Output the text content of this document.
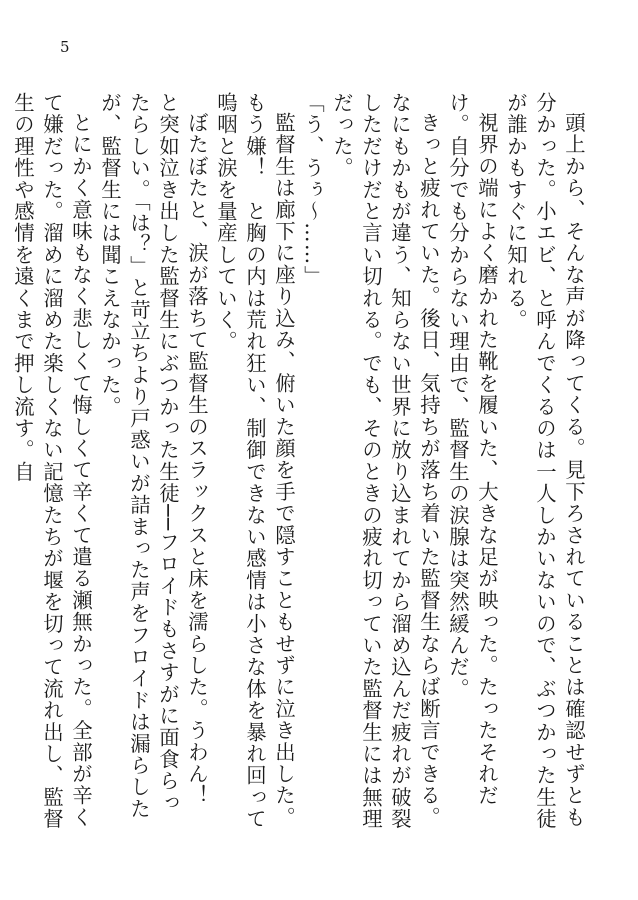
5

頭上から、そんな声が降ってくる。見下ろされていることは確認せずとも分かった。小エビ、と呼んでくるのは一人しかいないので、ぶつかった生徒が誰かもすぐに知れる。

視界の端によく磨かれた靴を履いた、大きな足が映った。たったそれだけ。自分でも分からない理由で、監督生の涙腺は突然緩んだ。

きっと疲れていた。後日、気持ちが落ち着いた監督生ならば断言できる。なにもかもが違う、知らない世界に放り込まれてから溜め込んだ疲れが破裂しただけだと言い切れる。でも、そのときの疲れ切っていた監督生には無理だった。

「う、うぅ〜……」

監督生は廊下に座り込み、俯いた顔を手で隠すこともせずに泣き出した。

もう嫌！　と胸の内は荒れ狂い、制御できない感情は小さな体を暴れ回って嗚咽と涙を量産していく。

ぼたぼたと、涙が落ちて監督生のスラックスと床を濡らした。うわん！　と突如泣き出した監督生にぶつかった生徒──フロイドもさすがに面食らったらしい。「は？」と苛立ちより戸惑いが詰まった声をフロイドは漏らしたが、監督生には聞こえなかった。

とにかく意味もなく悲しくて悔しくて辛くて遣る瀬無かった。全部が辛くて嫌だった。溜めに溜めた楽しくない記憶たちが堰を切って流れ出し、監督生の理性や感情を遠くまで押し流す。自
